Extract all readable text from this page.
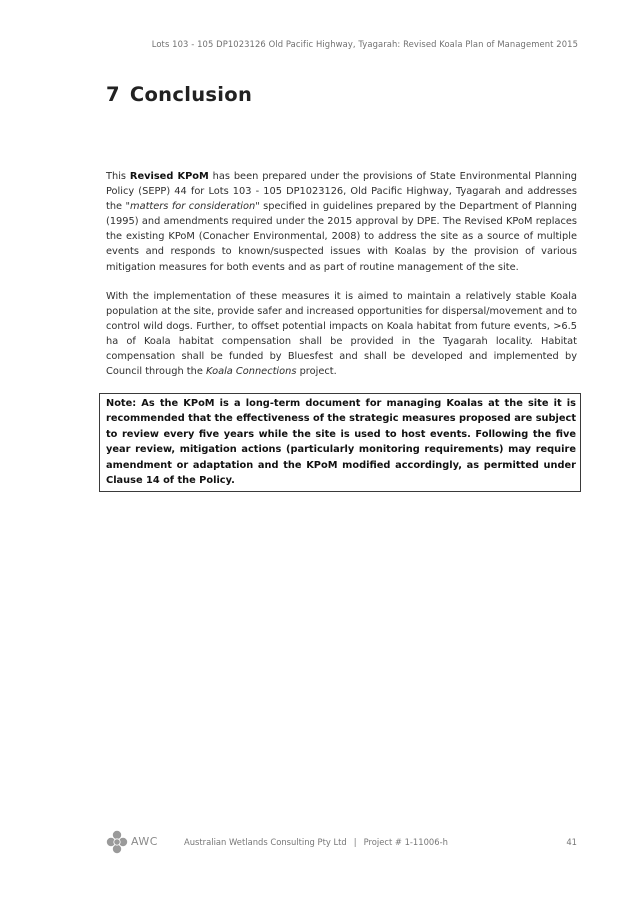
Lots 103 - 105 DP1023126 Old Pacific Highway, Tyagarah: Revised Koala Plan of Management 2015
7 Conclusion
This Revised KPoM has been prepared under the provisions of State Environmental Planning Policy (SEPP) 44 for Lots 103 - 105 DP1023126, Old Pacific Highway, Tyagarah and addresses the "matters for consideration" specified in guidelines prepared by the Department of Planning (1995) and amendments required under the 2015 approval by DPE. The Revised KPoM replaces the existing KPoM (Conacher Environmental, 2008) to address the site as a source of multiple events and responds to known/suspected issues with Koalas by the provision of various mitigation measures for both events and as part of routine management of the site.
With the implementation of these measures it is aimed to maintain a relatively stable Koala population at the site, provide safer and increased opportunities for dispersal/movement and to control wild dogs. Further, to offset potential impacts on Koala habitat from future events, >6.5 ha of Koala habitat compensation shall be provided in the Tyagarah locality. Habitat compensation shall be funded by Bluesfest and shall be developed and implemented by Council through the Koala Connections project.
Note: As the KPoM is a long-term document for managing Koalas at the site it is recommended that the effectiveness of the strategic measures proposed are subject to review every five years while the site is used to host events. Following the five year review, mitigation actions (particularly monitoring requirements) may require amendment or adaptation and the KPoM modified accordingly, as permitted under Clause 14 of the Policy.
AWC	Australian Wetlands Consulting Pty Ltd | Project # 1-11006-h	41
